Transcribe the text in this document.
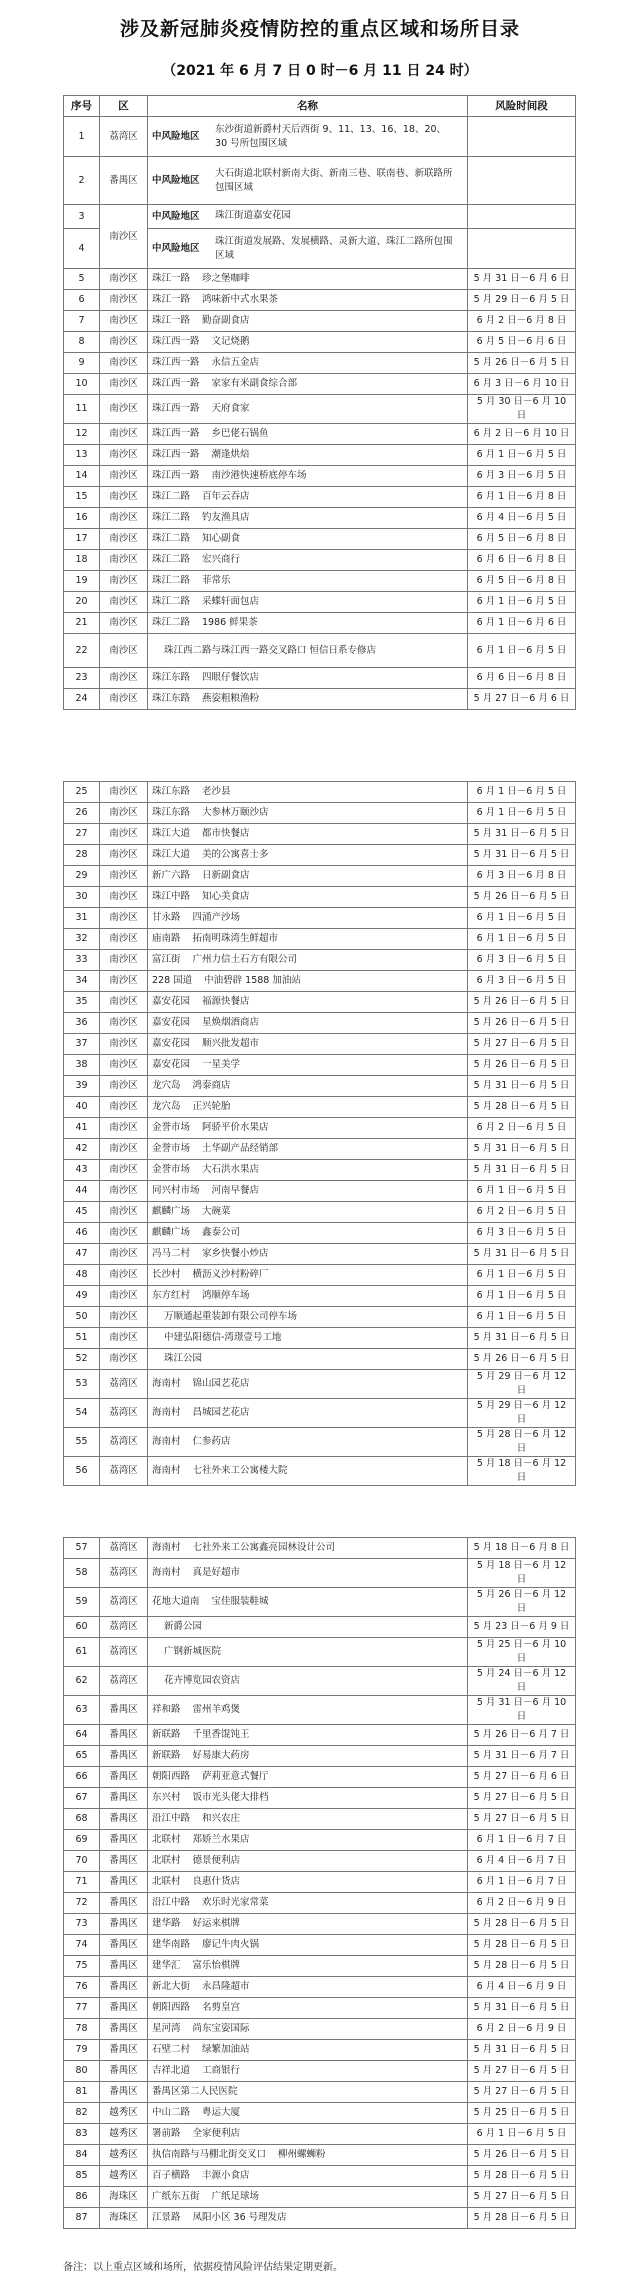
涉及新冠肺炎疫情防控的重点区域和场所目录
（2021 年 6 月 7 日 0 时－6 月 11 日 24 时）
序号	区	名称	风险时间段
1	荔湾区	中风险地区 东沙街道新爵村天后西街 9、11、13、16、18、20、30 号所包围区域	
2	番禺区	中风险地区 大石街道北联村新南大街、新南三巷、联南巷、新联路所包围区域	
3	南沙区	中风险地区 珠江街道嘉安花园	
4		中风险地区 珠江街道发展路、发展横路、灵新大道、珠江二路所包围区域	
5	南沙区	珠江一路 珍之堡咖啡	5 月 31 日－6 月 6 日
6	南沙区	珠江一路 鸿味新中式水果茶	5 月 29 日－6 月 5 日
7	南沙区	珠江一路 勤奋副食店	6 月 2 日－6 月 8 日
8	南沙区	珠江西一路 文记烧鹅	6 月 5 日－6 月 6 日
9	南沙区	珠江西一路 永信五金店	5 月 26 日－6 月 5 日
10	南沙区	珠江西一路 家家有米副食综合部	6 月 3 日－6 月 10 日
11	南沙区	珠江西一路 天府食家	5 月 30 日－6 月 10 日
12	南沙区	珠江西一路 乡巴佬石锅鱼	6 月 2 日－6 月 10 日
13	南沙区	珠江西一路 潮逢烘焙	6 月 1 日－6 月 5 日
14	南沙区	珠江西一路 南沙港快速桥底停车场	6 月 3 日－6 月 5 日
15	南沙区	珠江二路 百年云吞店	6 月 1 日－6 月 8 日
16	南沙区	珠江二路 钓友渔具店	6 月 4 日－6 月 5 日
17	南沙区	珠江二路 知心副食	6 月 5 日－6 月 8 日
18	南沙区	珠江二路 宏兴商行	6 月 6 日－6 月 8 日
19	南沙区	珠江二路 菲常乐	6 月 5 日－6 月 8 日
20	南沙区	珠江二路 采蝶轩面包店	6 月 1 日－6 月 5 日
21	南沙区	珠江二路 1986 鲜果茶	6 月 1 日－6 月 6 日
22	南沙区	珠江西二路与珠江西一路交叉路口 恒信日系专修店	6 月 1 日－6 月 5 日
23	南沙区	珠江东路 四眼仔餐饮店	6 月 6 日－6 月 8 日
24	南沙区	珠江东路 燕姿粗粮渔粉	5 月 27 日－6 月 6 日
25	南沙区	珠江东路 老沙县	6 月 1 日－6 月 5 日
26	南沙区	珠江东路 大参林万颐沙店	6 月 1 日－6 月 5 日
27	南沙区	珠江大道 都市快餐店	5 月 31 日－6 月 5 日
28	南沙区	珠江大道 美的公寓喜士多	5 月 31 日－6 月 5 日
29	南沙区	新广六路 日新副食店	6 月 3 日－6 月 8 日
30	南沙区	珠江中路 知心美食店	5 月 26 日－6 月 5 日
31	南沙区	甘永路 四涌产沙场	6 月 1 日－6 月 5 日
32	南沙区	庙南路 拓南明珠湾生鲜超市	6 月 1 日－6 月 5 日
33	南沙区	富江街 广州力信土石方有限公司	6 月 3 日－6 月 5 日
34	南沙区	228 国道 中油碧辟 1588 加油站	6 月 3 日－6 月 5 日
35	南沙区	嘉安花园 福源快餐店	5 月 26 日－6 月 5 日
36	南沙区	嘉安花园 星焕烟酒商店	5 月 26 日－6 月 5 日
37	南沙区	嘉安花园 顺兴批发超市	5 月 27 日－6 月 5 日
38	南沙区	嘉安花园 一星美学	5 月 26 日－6 月 5 日
39	南沙区	龙穴岛 鸿泰商店	5 月 31 日－6 月 5 日
40	南沙区	龙穴岛 正兴轮胎	5 月 28 日－6 月 5 日
41	南沙区	金誉市场 阿骄平价水果店	6 月 2 日－6 月 5 日
42	南沙区	金誉市场 土华副产品经销部	5 月 31 日－6 月 5 日
43	南沙区	金誉市场 大石洪水果店	5 月 31 日－6 月 5 日
44	南沙区	同兴村市场 河南早餐店	6 月 1 日－6 月 5 日
45	南沙区	麒麟广场 大碗菜	6 月 2 日－6 月 5 日
46	南沙区	麒麟广场 鑫泰公司	6 月 3 日－6 月 5 日
47	南沙区	冯马二村 家乡快餐小炒店	5 月 31 日－6 月 5 日
48	南沙区	长沙村 横沥义沙村粉碎厂	6 月 1 日－6 月 5 日
49	南沙区	东方红村 鸿顺停车场	6 月 1 日－6 月 5 日
50	南沙区	万顺通起重装卸有限公司停车场	6 月 1 日－6 月 5 日
51	南沙区	中建弘阳德信-湾璟壹号工地	5 月 31 日－6 月 5 日
52	南沙区	珠江公园	5 月 26 日－6 月 5 日
53	荔湾区	海南村 锦山园艺花店	5 月 29 日－6 月 12 日
54	荔湾区	海南村 昌城园艺花店	5 月 29 日－6 月 12 日
55	荔湾区	海南村 仁参药店	5 月 28 日－6 月 12 日
56	荔湾区	海南村 七社外来工公寓楼大院	5 月 18 日－6 月 12 日
57	荔湾区	海南村 七社外来工公寓鑫亮园林设计公司	5 月 18 日－6 月 8 日
58	荔湾区	海南村 真是好超市	5 月 18 日－6 月 12 日
59	荔湾区	花地大道南 宝佳服装鞋城	5 月 26 日－6 月 12 日
60	荔湾区	新爵公园	5 月 23 日－6 月 9 日
61	荔湾区	广钢新城医院	5 月 25 日－6 月 10 日
62	荔湾区	花卉博览园农资店	5 月 24 日－6 月 12 日
63	番禺区	祥和路 雷州羊鸡煲	5 月 31 日－6 月 10 日
64	番禺区	新联路 千里香馄饨王	5 月 26 日－6 月 7 日
65	番禺区	新联路 好易康大药房	5 月 31 日－6 月 7 日
66	番禺区	朝阳西路 萨莉亚意式餐厅	5 月 27 日－6 月 6 日
67	番禺区	东兴村 饭市光头佬大排档	5 月 27 日－6 月 5 日
68	番禺区	沿江中路 和兴农庄	5 月 27 日－6 月 5 日
69	番禺区	北联村 郑娇兰水果店	6 月 1 日－6 月 7 日
70	番禺区	北联村 德景便利店	6 月 4 日－6 月 7 日
71	番禺区	北联村 良惠什货店	6 月 1 日－6 月 7 日
72	番禺区	沿江中路 欢乐时光家常菜	6 月 2 日－6 月 9 日
73	番禺区	建华路 好运来棋牌	5 月 28 日－6 月 5 日
74	番禺区	建华南路 廖记牛肉火锅	5 月 28 日－6 月 5 日
75	番禺区	建华汇 富乐怡棋牌	5 月 28 日－6 月 5 日
76	番禺区	新北大街 永昌隆超市	6 月 4 日－6 月 9 日
77	番禺区	朝阳西路 名剪皇宫	5 月 31 日－6 月 5 日
78	番禺区	星河湾 尚东宝姿国际	6 月 2 日－6 月 9 日
79	番禺区	石壁二村 绿繁加油站	5 月 31 日－6 月 5 日
80	番禺区	吉祥北道 工商银行	5 月 27 日－6 月 5 日
81	番禺区	番禺区第二人民医院	5 月 27 日－6 月 5 日
82	越秀区	中山二路 粤运大厦	5 月 25 日－6 月 5 日
83	越秀区	署前路 全家便利店	6 月 1 日－6 月 5 日
84	越秀区	执信南路与马棚北街交叉口 柳州螺蛳粉	5 月 26 日－6 月 5 日
85	越秀区	百子横路 丰源小食店	5 月 28 日－6 月 5 日
86	海珠区	广纸东五街 广纸足球场	5 月 27 日－6 月 5 日
87	海珠区	江景路 凤阳小区 36 号理发店	5 月 28 日－6 月 5 日
备注：以上重点区域和场所，依据疫情风险评估结果定期更新。
